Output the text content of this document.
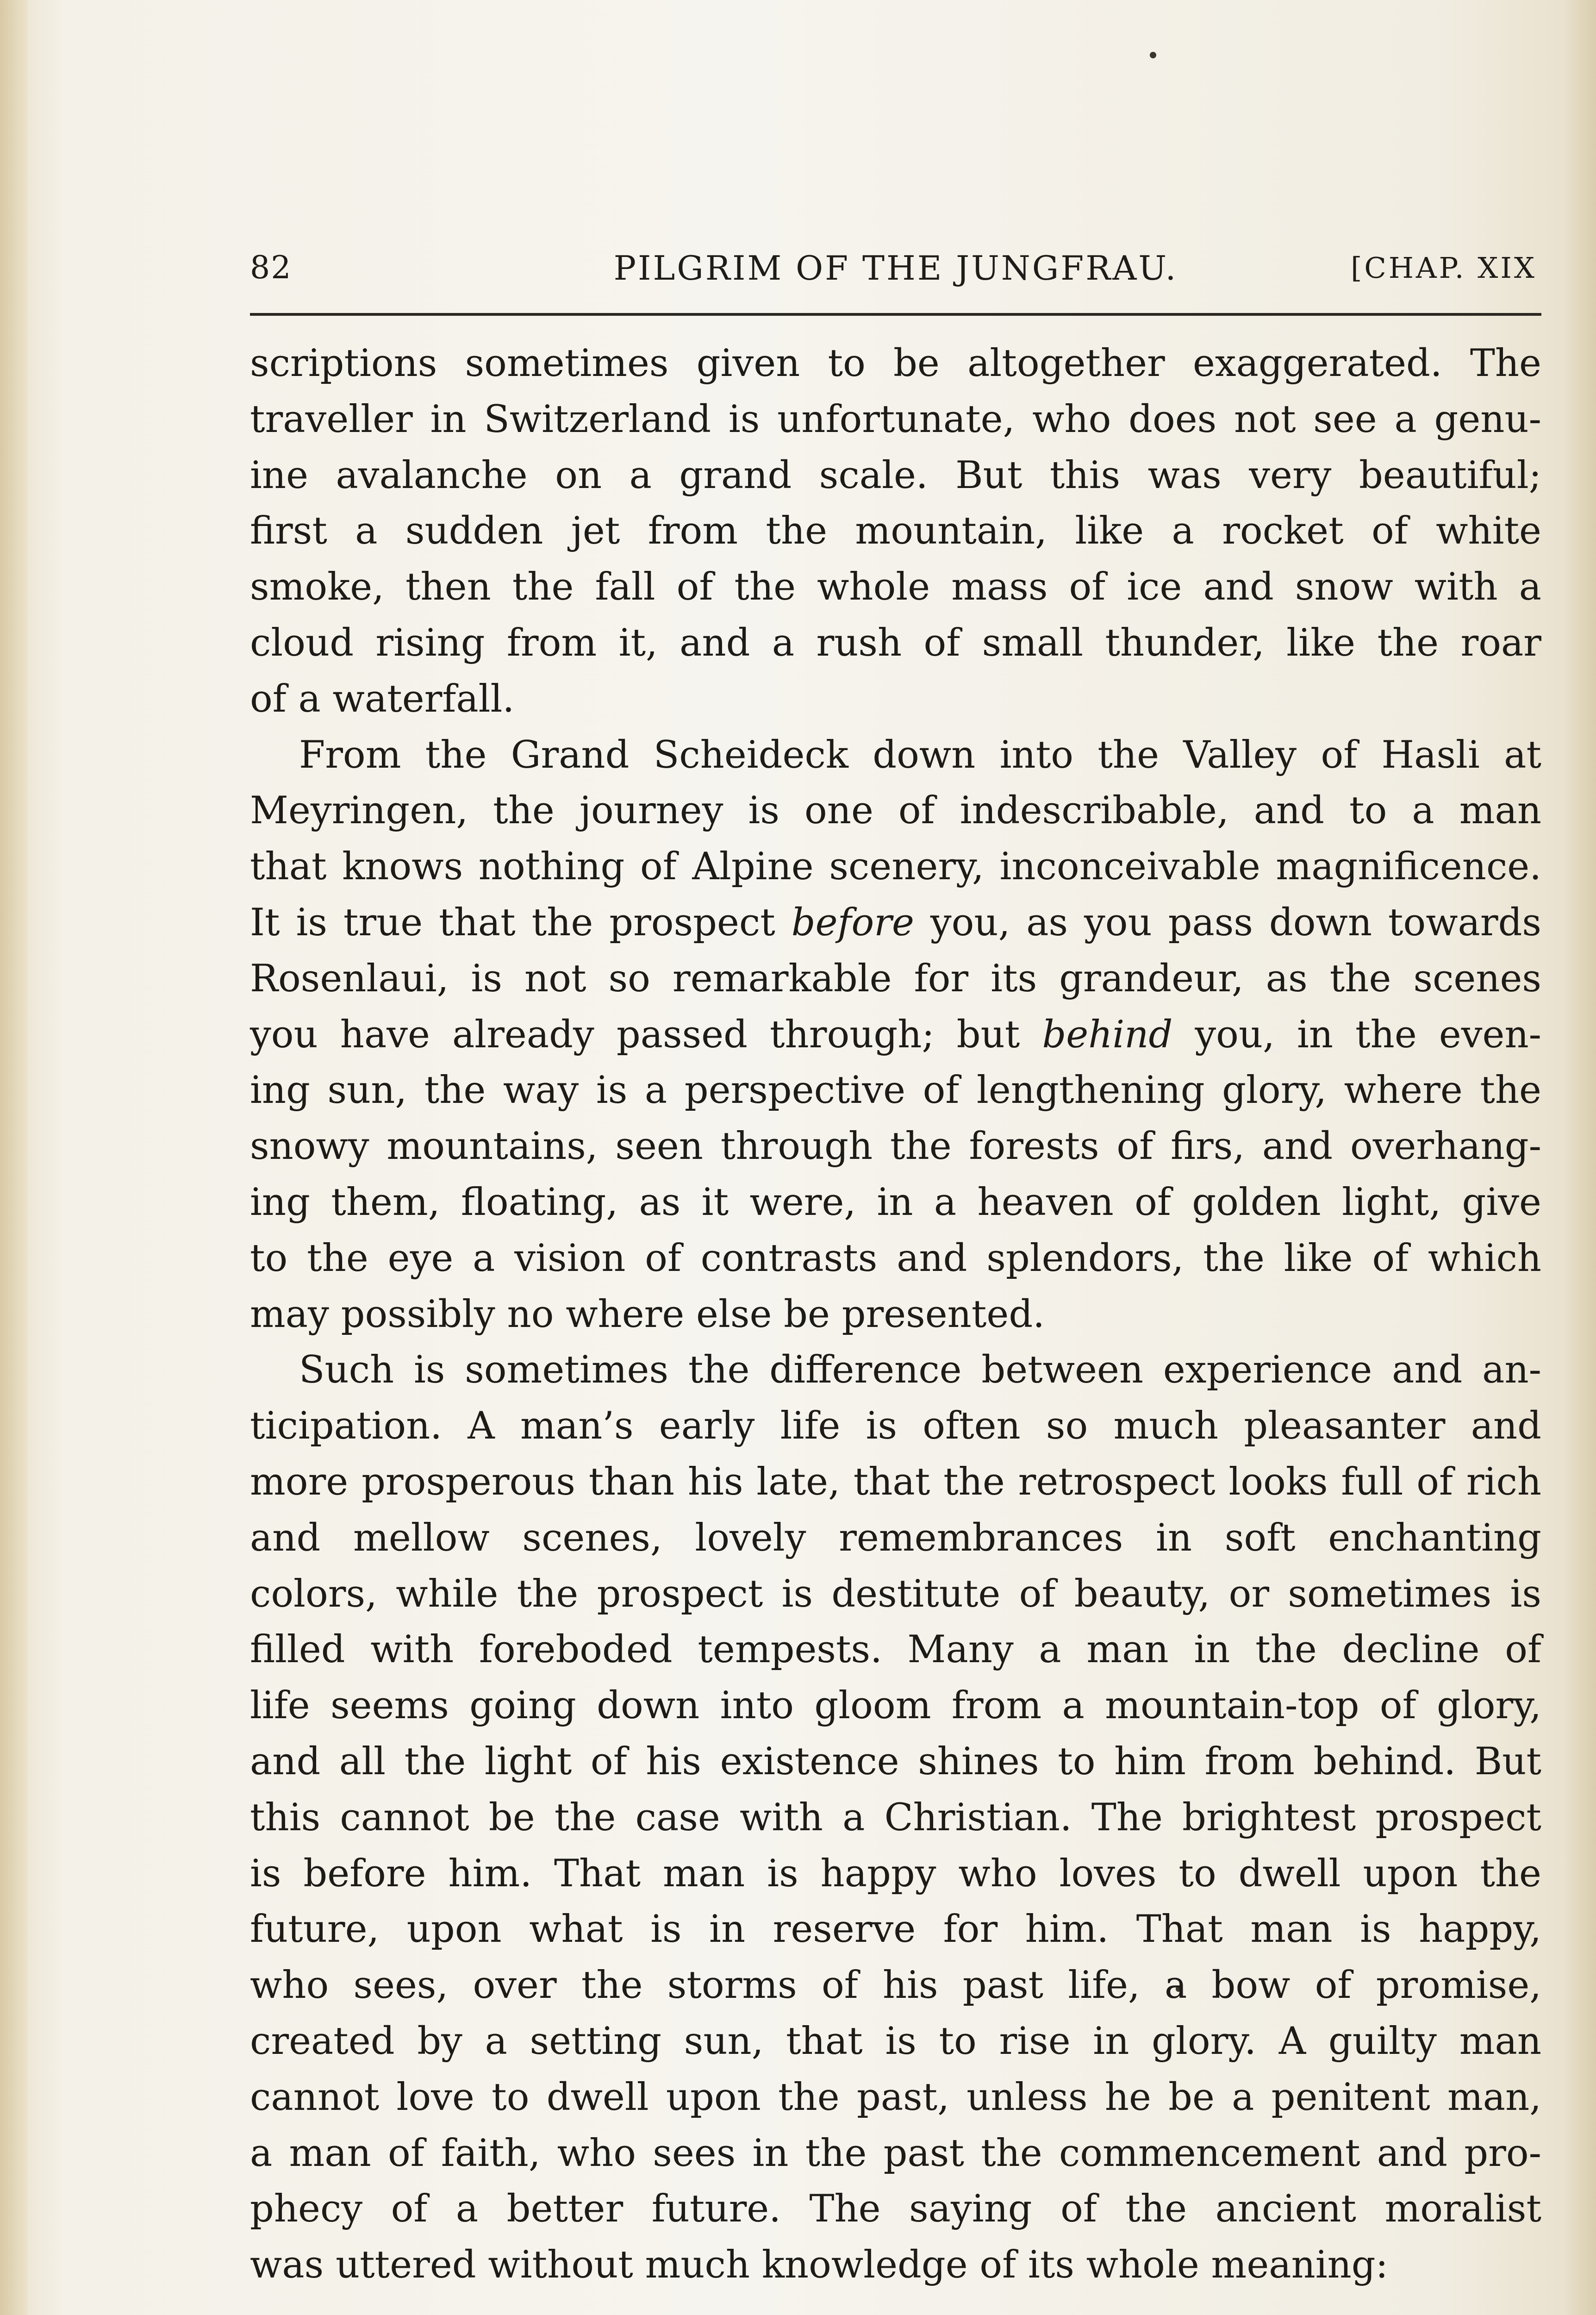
82	PILGRIM OF THE JUNGFRAU.	[CHAP. XIX
scriptions sometimes given to be altogether exaggerated. The
traveller in Switzerland is unfortunate, who does not see a genu-
ine avalanche on a grand scale. But this was very beautiful;
first a sudden jet from the mountain, like a rocket of white
smoke, then the fall of the whole mass of ice and snow with a
cloud rising from it, and a rush of small thunder, like the roar
of a waterfall.
From the Grand Scheideck down into the Valley of Hasli at
Meyringen, the journey is one of indescribable, and to a man
that knows nothing of Alpine scenery, inconceivable magnificence.
It is true that the prospect before you, as you pass down towards
Rosenlaui, is not so remarkable for its grandeur, as the scenes
you have already passed through; but behind you, in the even-
ing sun, the way is a perspective of lengthening glory, where the
snowy mountains, seen through the forests of firs, and overhang-
ing them, floating, as it were, in a heaven of golden light, give
to the eye a vision of contrasts and splendors, the like of which
may possibly no where else be presented.
Such is sometimes the difference between experience and an-
ticipation. A man’s early life is often so much pleasanter and
more prosperous than his late, that the retrospect looks full of rich
and mellow scenes, lovely remembrances in soft enchanting
colors, while the prospect is destitute of beauty, or sometimes is
filled with foreboded tempests. Many a man in the decline of
life seems going down into gloom from a mountain-top of glory,
and all the light of his existence shines to him from behind. But
this cannot be the case with a Christian. The brightest prospect
is before him. That man is happy who loves to dwell upon the
future, upon what is in reserve for him. That man is happy,
who sees, over the storms of his past life, a bow of promise,
created by a setting sun, that is to rise in glory. A guilty man
cannot love to dwell upon the past, unless he be a penitent man,
a man of faith, who sees in the past the commencement and pro-
phecy of a better future. The saying of the ancient moralist
was uttered without much knowledge of its whole meaning:
